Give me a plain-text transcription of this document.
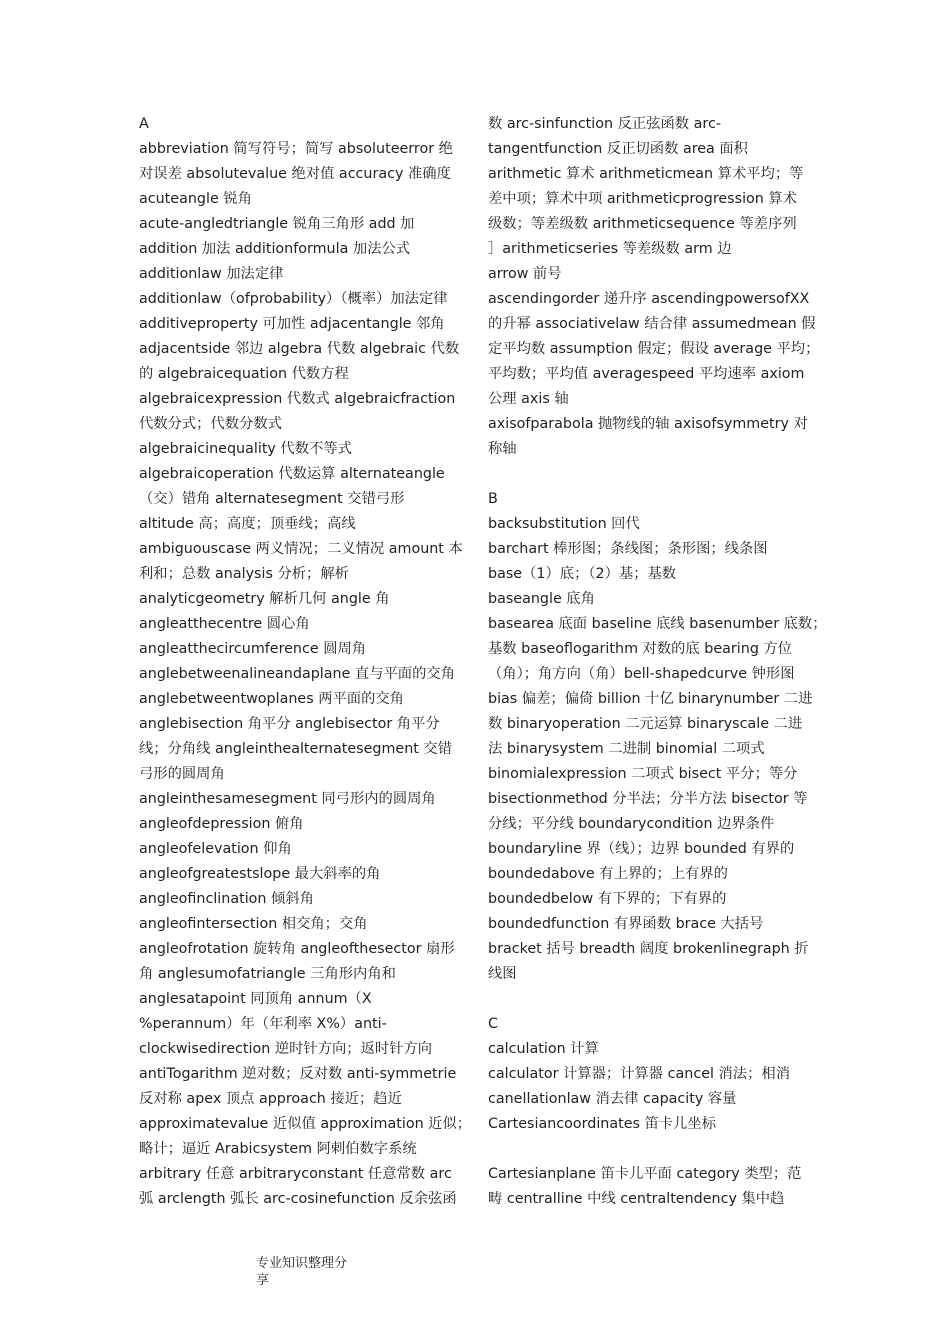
A
abbreviation 简写符号；简写 absoluteerror 绝
对误差 absolutevalue 绝对值 accuracy 准确度
acuteangle 锐角
acute-angledtriangle 锐角三角形 add 加
addition 加法 additionformula 加法公式
additionlaw 加法定律
additionlaw（ofprobability）（概率）加法定律
additiveproperty 可加性 adjacentangle 邻角
adjacentside 邻边 algebra 代数 algebraic 代数
的 algebraicequation 代数方程
algebraicexpression 代数式 algebraicfraction
代数分式；代数分数式
algebraicinequality 代数不等式
algebraicoperation 代数运算 alternateangle
（交）错角 alternatesegment 交错弓形
altitude 高；高度；顶垂线；高线
ambiguouscase 两义情况；二义情况 amount 本
利和；总数 analysis 分析；解析
analyticgeometry 解析几何 angle 角
angleatthecentre 圆心角
angleatthecircumference 圆周角
anglebetweenalineandaplane 直与平面的交角
anglebetweentwoplanes 两平面的交角
anglebisection 角平分 anglebisector 角平分
线；分角线 angleinthealternatesegment 交错
弓形的圆周角
angleinthesamesegment 同弓形内的圆周角
angleofdepression 俯角
angleofelevation 仰角
angleofgreatestslope 最大斜率的角
angleofinclination 倾斜角
angleofintersection 相交角；交角
angleofrotation 旋转角 angleofthesector 扇形
角 anglesumofatriangle 三角形内角和
anglesatapoint 同顶角 annum（X
%perannum）年（年利率 X%）anti-
clockwisedirection 逆时针方向；返时针方向
antiTogarithm 逆对数；反对数 anti-symmetrie
反对称 apex 顶点 approach 接近；趋近
approximatevalue 近似值 approximation 近似；
略计；逼近 Arabicsystem 阿剌伯数字系统
arbitrary 任意 arbitraryconstant 任意常数 arc
弧 arclength 弧长 arc-cosinefunction 反余弦函
数 arc-sinfunction 反正弦函数 arc-
tangentfunction 反正切函数 area 面积
arithmetic 算术 arithmeticmean 算术平均；等
差中项；算术中项 arithmeticprogression 算术
级数；等差级数 arithmeticsequence 等差序列
］arithmeticseries 等差级数 arm 边
arrow 前号
ascendingorder 递升序 ascendingpowersofXX
的升幂 associativelaw 结合律 assumedmean 假
定平均数 assumption 假定；假设 average 平均；
平均数；平均值 averagespeed 平均速率 axiom
公理 axis 轴
axisofparabola 抛物线的轴 axisofsymmetry 对
称轴
B
backsubstitution 回代
barchart 棒形图；条线图；条形图；线条图
base（1）底；（2）基；基数
baseangle 底角
basearea 底面 baseline 底线 basenumber 底数；
基数 baseoflogarithm 对数的底 bearing 方位
（角）；角方向（角）bell-shapedcurve 钟形图
bias 偏差；偏倚 billion 十亿 binarynumber 二进
数 binaryoperation 二元运算 binaryscale 二进
法 binarysystem 二进制 binomial 二项式
binomialexpression 二项式 bisect 平分；等分
bisectionmethod 分半法；分半方法 bisector 等
分线；平分线 boundarycondition 边界条件
boundaryline 界（线）；边界 bounded 有界的
boundedabove 有上界的；上有界的
boundedbelow 有下界的；下有界的
boundedfunction 有界函数 brace 大括号
bracket 括号 breadth 阔度 brokenlinegraph 折
线图
C
calculation 计算
calculator 计算器；计算器 cancel 消法；相消
canellationlaw 消去律 capacity 容量
Cartesiancoordinates 笛卡儿坐标
Cartesianplane 笛卡儿平面 category 类型；范
畴 centralline 中线 centraltendency 集中趋
专业知识整理分
享
